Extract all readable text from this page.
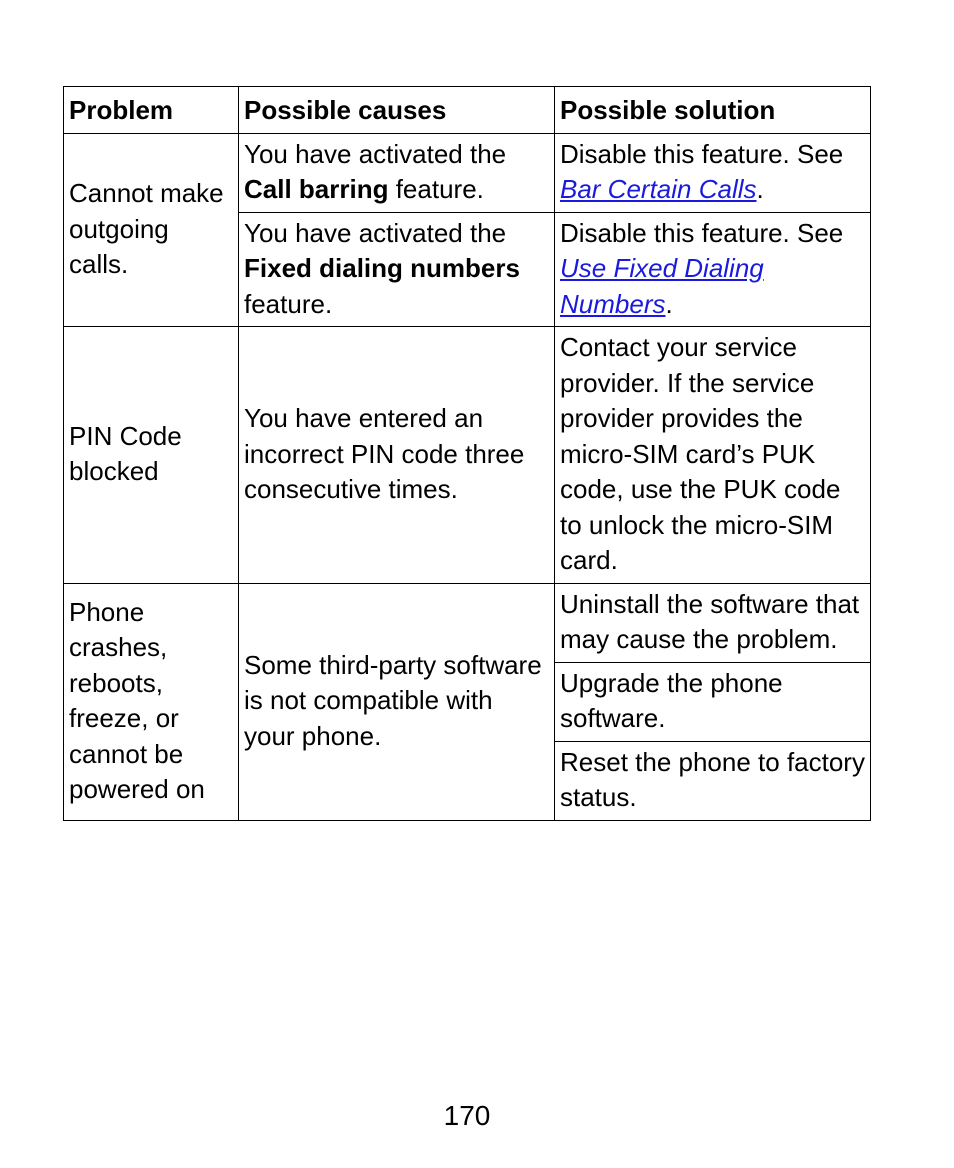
Problem	Possible causes	Possible solution
Cannot make outgoing calls.	You have activated the Call barring feature.	Disable this feature. See Bar Certain Calls.
	You have activated the Fixed dialing numbers feature.	Disable this feature. See Use Fixed Dialing Numbers.
PIN Code blocked	You have entered an incorrect PIN code three consecutive times.	Contact your service provider. If the service provider provides the micro-SIM card’s PUK code, use the PUK code to unlock the micro-SIM card.
Phone crashes, reboots, freeze, or cannot be powered on	Some third-party software is not compatible with your phone.	Uninstall the software that may cause the problem.
		Upgrade the phone software.
		Reset the phone to factory status.
170
